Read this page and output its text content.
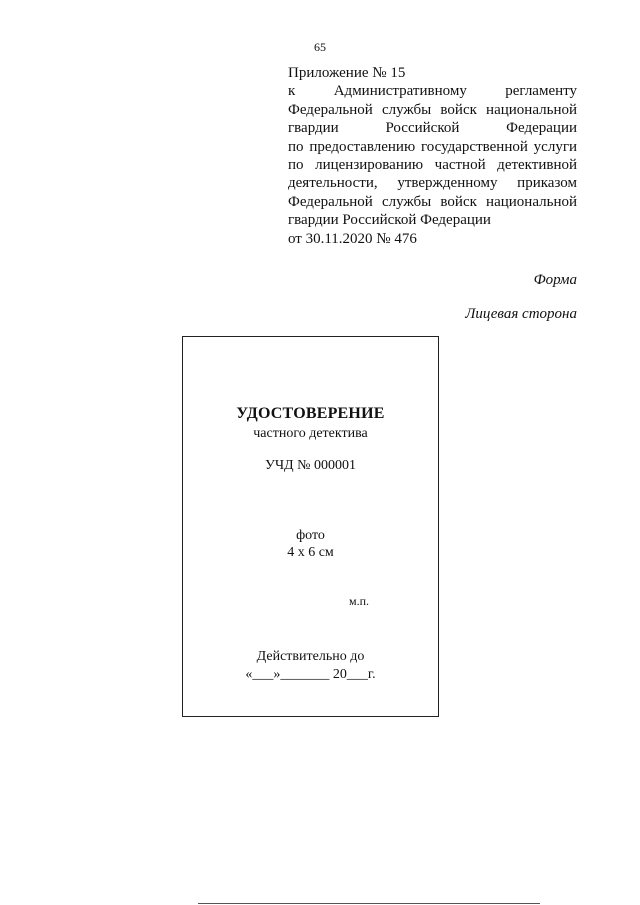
65
Приложение № 15
к Административному регламенту
Федеральной службы войск национальной
гвардии Российской Федерации
по предоставлению государственной услуги
по лицензированию частной детективной
деятельности, утвержденному приказом
Федеральной службы войск национальной
гвардии Российской Федерации
от 30.11.2020 № 476
Форма
Лицевая сторона
УДОСТОВЕРЕНИЕ
частного детектива
УЧД № 000001
фото
4 х 6 см
м.п.
Действительно до
«___»_______ 20___г.
